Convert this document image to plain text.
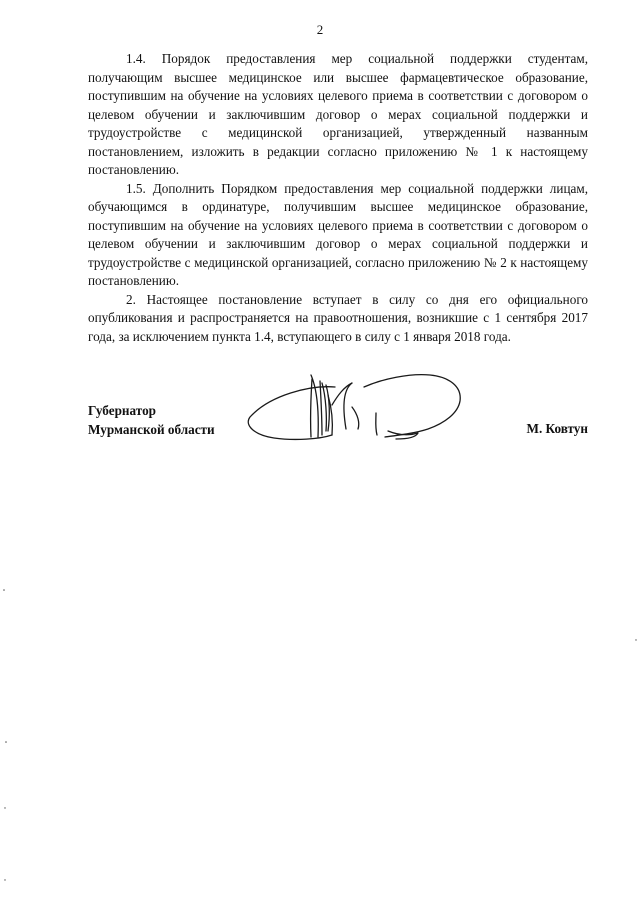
2

1.4. Порядок предоставления мер социальной поддержки студентам, получающим высшее медицинское или высшее фармацевтическое образование, поступившим на обучение на условиях целевого приема в соответствии с договором о целевом обучении и заключившим договор о мерах социальной поддержки и трудоустройстве с медицинской организацией, утвержденный названным постановлением, изложить в редакции согласно приложению № 1 к настоящему постановлению.

1.5. Дополнить Порядком предоставления мер социальной поддержки лицам, обучающимся в ординатуре, получившим высшее медицинское образование, поступившим на обучение на условиях целевого приема в соответствии с договором о целевом обучении и заключившим договор о мерах социальной поддержки и трудоустройстве с медицинской организацией, согласно приложению № 2 к настоящему постановлению.

2. Настоящее постановление вступает в силу со дня его официального опубликования и распространяется на правоотношения, возникшие с 1 сентября 2017 года, за исключением пункта 1.4, вступающего в силу с 1 января 2018 года.

Губернатор
Мурманской области	М. Ковтун
